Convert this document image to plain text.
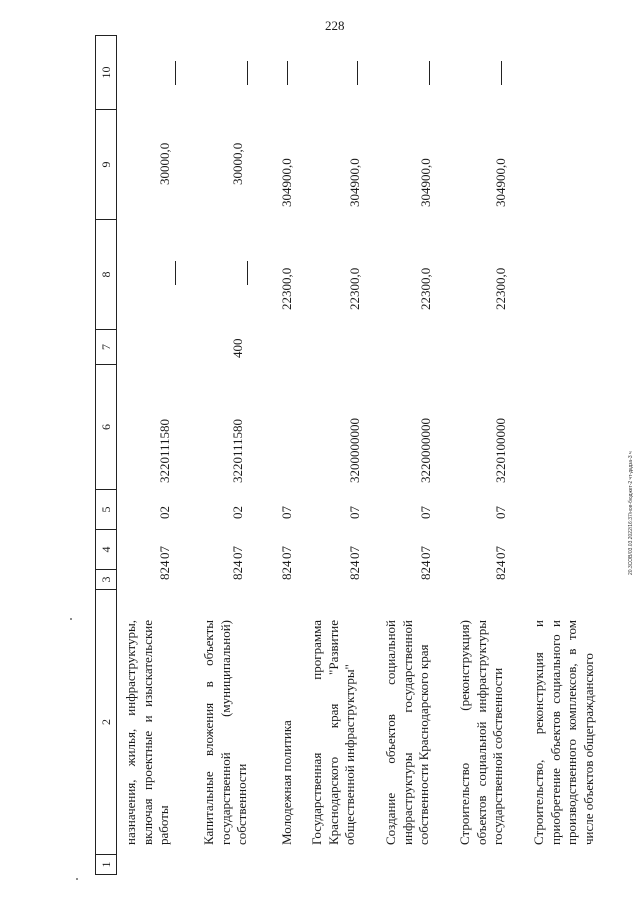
228
20.3СОВ/03.03.2022/16:37/нов-бюджет-2 чт-дкдза-3 ч
1
2
3
4
5
6
7
8
9
10
назначения, жилья, инфраструктуры, включая проектные и изыскательские работы
824
07
02
3220111580
30000,0
Капитальные вложения в объекты государственной (муниципальной) собственности
824
07
02
3220111580
400
30000,0
Молодежная политика
824
07
07
22300,0
304900,0
Государственная программа Краснодарского края "Развитие общественной инфраструктуры"
824
07
07
3200000000
22300,0
304900,0
Создание объектов социальной инфраструктуры государственной собственности Краснодарского края
824
07
07
3220000000
22300,0
304900,0
Строительство (реконструкция) объектов социальной инфраструктуры государственной собственности
824
07
07
3220100000
22300,0
304900,0
Строительство, реконструкция и приобретение объектов социального и производственного комплексов, в том числе объектов общегражданского
